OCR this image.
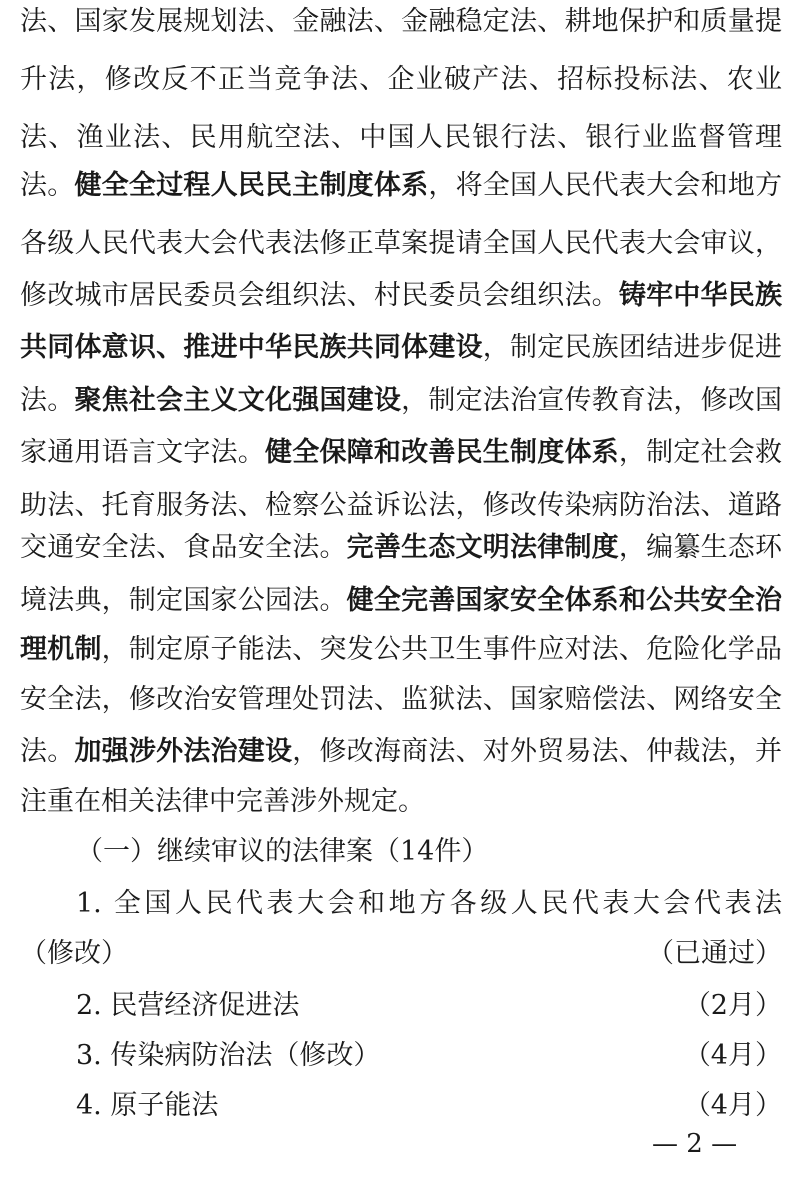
法、国家发展规划法、金融法、金融稳定法、耕地保护和质量提
升法，修改反不正当竞争法、企业破产法、招标投标法、农业
法、渔业法、民用航空法、中国人民银行法、银行业监督管理
法。健全全过程人民民主制度体系，将全国人民代表大会和地方
各级人民代表大会代表法修正草案提请全国人民代表大会审议，
修改城市居民委员会组织法、村民委员会组织法。铸牢中华民族
共同体意识、推进中华民族共同体建设，制定民族团结进步促进
法。聚焦社会主义文化强国建设，制定法治宣传教育法，修改国
家通用语言文字法。健全保障和改善民生制度体系，制定社会救
助法、托育服务法、检察公益诉讼法，修改传染病防治法、道路
交通安全法、食品安全法。完善生态文明法律制度，编纂生态环
境法典，制定国家公园法。健全完善国家安全体系和公共安全治
理机制，制定原子能法、突发公共卫生事件应对法、危险化学品
安全法，修改治安管理处罚法、监狱法、国家赔偿法、网络安全
法。加强涉外法治建设，修改海商法、对外贸易法、仲裁法，并
注重在相关法律中完善涉外规定。
（一）继续审议的法律案（14件）
1. 全国人民代表大会和地方各级人民代表大会代表法
（修改）	（已通过）
2. 民营经济促进法	（2月）
3. 传染病防治法（修改）	（4月）
4. 原子能法	（4月）
— 2 —
